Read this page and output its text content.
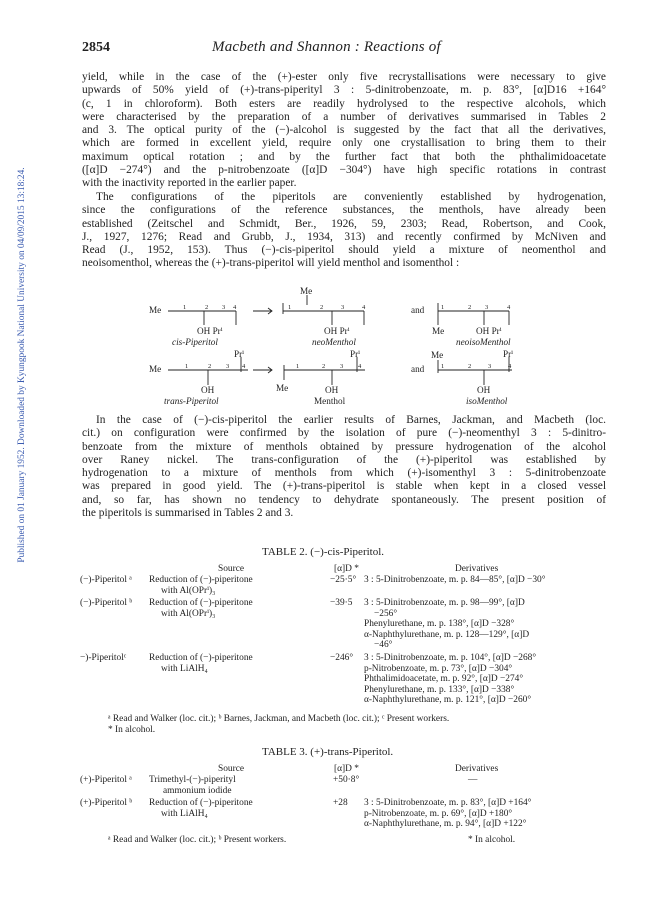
Published on 01 January 1952. Downloaded by Kyungpook National University on 04/09/2015 13:18:24.
2854	Macbeth and Shannon : Reactions of
yield, while in the case of the (+)-ester only five recrystallisations were necessary to give
upwards of 50% yield of (+)-trans-piperityl 3 : 5-dinitrobenzoate, m. p. 83°, [α]D16 +164°
(c, 1 in chloroform). Both esters are readily hydrolysed to the respective alcohols, which
were characterised by the preparation of a number of derivatives summarised in Tables 2
and 3. The optical purity of the (−)-alcohol is suggested by the fact that all the derivatives,
which are formed in excellent yield, require only one crystallisation to bring them to their
maximum optical rotation ; and by the further fact that both the phthalimidoacetate
([α]D −274°) and the p-nitrobenzoate ([α]D −304°) have high specific rotations in contrast
with the inactivity reported in the earlier paper.
The configurations of the piperitols are conveniently established by hydrogenation,
since the configurations of the reference substances, the menthols, have already been
established (Zeitschel and Schmidt, Ber., 1926, 59, 2303; Read, Robertson, and Cook,
J., 1927, 1276; Read and Grubb, J., 1934, 313) and recently confirmed by McNiven and
Read (J., 1952, 153). Thus (−)-cis-piperitol should yield a mixture of neomenthol and
neoisomenthol, whereas the (+)-trans-piperitol will yield menthol and isomenthol :
1	2 3 4	1	2	3	4	1	2 3	4
1	2 3 4	1	2 3 4	1	2	3	4
Me
Me
and
OH Prⁱ	OH Prⁱ	Me	OH Prⁱ
cis-Piperitol	neoMenthol	neoisoMenthol
Prⁱ	Prⁱ	Me	Prⁱ
Me	and
Me
OH	OH	OH
trans-Piperitol	Menthol	isoMenthol
In the case of (−)-cis-piperitol the earlier results of Barnes, Jackman, and Macbeth (loc.
cit.) on configuration were confirmed by the isolation of pure (−)-neomenthyl 3 : 5-dinitro-
benzoate from the mixture of menthols obtained by pressure hydrogenation of the alcohol
over Raney nickel. The trans-configuration of the (+)-piperitol was established by
hydrogenation to a mixture of menthols from which (+)-isomenthyl 3 : 5-dinitrobenzoate
was prepared in good yield. The (+)-trans-piperitol is stable when kept in a closed vessel
and, so far, has shown no tendency to dehydrate spontaneously. The present position of
the piperitols is summarised in Tables 2 and 3.
TABLE 2. (−)-cis-Piperitol.
Source	[α]D *	Derivatives
(−)-Piperitol ᵃ Reduction of (−)-piperitone
with Al(OPrⁱ)₃
−25·5° 3 : 5-Dinitrobenzoate, m. p. 84—85°, [α]D −30°
(−)-Piperitol ᵇ Reduction of (−)-piperitone
with Al(OPrⁱ)₃
−39·5 3 : 5-Dinitrobenzoate, m. p. 98—99°, [α]D
−256°
Phenylurethane, m. p. 138°, [α]D −328°
α-Naphthylurethane, m. p. 128—129°, [α]D
−46°
−)-Piperitolᶜ Reduction of (−)-piperitone
with LiAlH₄
−246° 3 : 5-Dinitrobenzoate, m. p. 104°, [α]D −268°
p-Nitrobenzoate, m. p. 73°, [α]D −304°
Phthalimidoacetate, m. p. 92°, [α]D −274°
Phenylurethane, m. p. 133°, [α]D −338°
α-Naphthylurethane, m. p. 121°, [α]D −260°
ᵃ Read and Walker (loc. cit.); ᵇ Barnes, Jackman, and Macbeth (loc. cit.); ᶜ Present workers.
* In alcohol.
TABLE 3. (+)-trans-Piperitol.
Source	[α]D *	Derivatives
(+)-Piperitol ᵃ Trimethyl-(−)-piperityl
ammonium iodide
+50·8°	—
(+)-Piperitol ᵇ Reduction of (−)-piperitone
with LiAlH₄
+28 3 : 5-Dinitrobenzoate, m. p. 83°, [α]D +164°
p-Nitrobenzoate, m. p. 69°, [α]D +180°
α-Naphthylurethane, m. p. 94°, [α]D +122°
ᵃ Read and Walker (loc. cit.); ᵇ Present workers.	* In alcohol.
